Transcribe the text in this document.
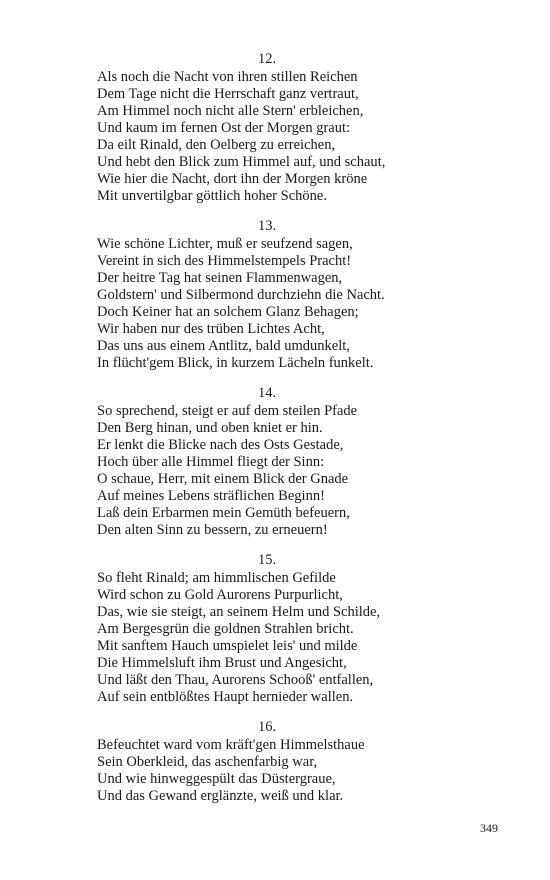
12.
Als noch die Nacht von ihren stillen Reichen
Dem Tage nicht die Herrschaft ganz vertraut,
Am Himmel noch nicht alle Stern' erbleichen,
Und kaum im fernen Ost der Morgen graut:
Da eilt Rinald, den Oelberg zu erreichen,
Und hebt den Blick zum Himmel auf, und schaut,
Wie hier die Nacht, dort ihn der Morgen kröne
Mit unvertilgbar göttlich hoher Schöne.
13.
Wie schöne Lichter, muß er seufzend sagen,
Vereint in sich des Himmelstempels Pracht!
Der heitre Tag hat seinen Flammenwagen,
Goldstern' und Silbermond durchziehn die Nacht.
Doch Keiner hat an solchem Glanz Behagen;
Wir haben nur des trüben Lichtes Acht,
Das uns aus einem Antlitz, bald umdunkelt,
In flücht'gem Blick, in kurzem Lächeln funkelt.
14.
So sprechend, steigt er auf dem steilen Pfade
Den Berg hinan, und oben kniet er hin.
Er lenkt die Blicke nach des Osts Gestade,
Hoch über alle Himmel fliegt der Sinn:
O schaue, Herr, mit einem Blick der Gnade
Auf meines Lebens sträflichen Beginn!
Laß dein Erbarmen mein Gemüth befeuern,
Den alten Sinn zu bessern, zu erneuern!
15.
So fleht Rinald; am himmlischen Gefilde
Wird schon zu Gold Aurorens Purpurlicht,
Das, wie sie steigt, an seinem Helm und Schilde,
Am Bergesgrün die goldnen Strahlen bricht.
Mit sanftem Hauch umspielet leis' und milde
Die Himmelsluft ihm Brust und Angesicht,
Und läßt den Thau, Aurorens Schooß' entfallen,
Auf sein entblößtes Haupt hernieder wallen.
16.
Befeuchtet ward vom kräft'gen Himmelsthaue
Sein Oberkleid, das aschenfarbig war,
Und wie hinweggespült das Düstergraue,
Und das Gewand erglänzte, weiß und klar.
349
